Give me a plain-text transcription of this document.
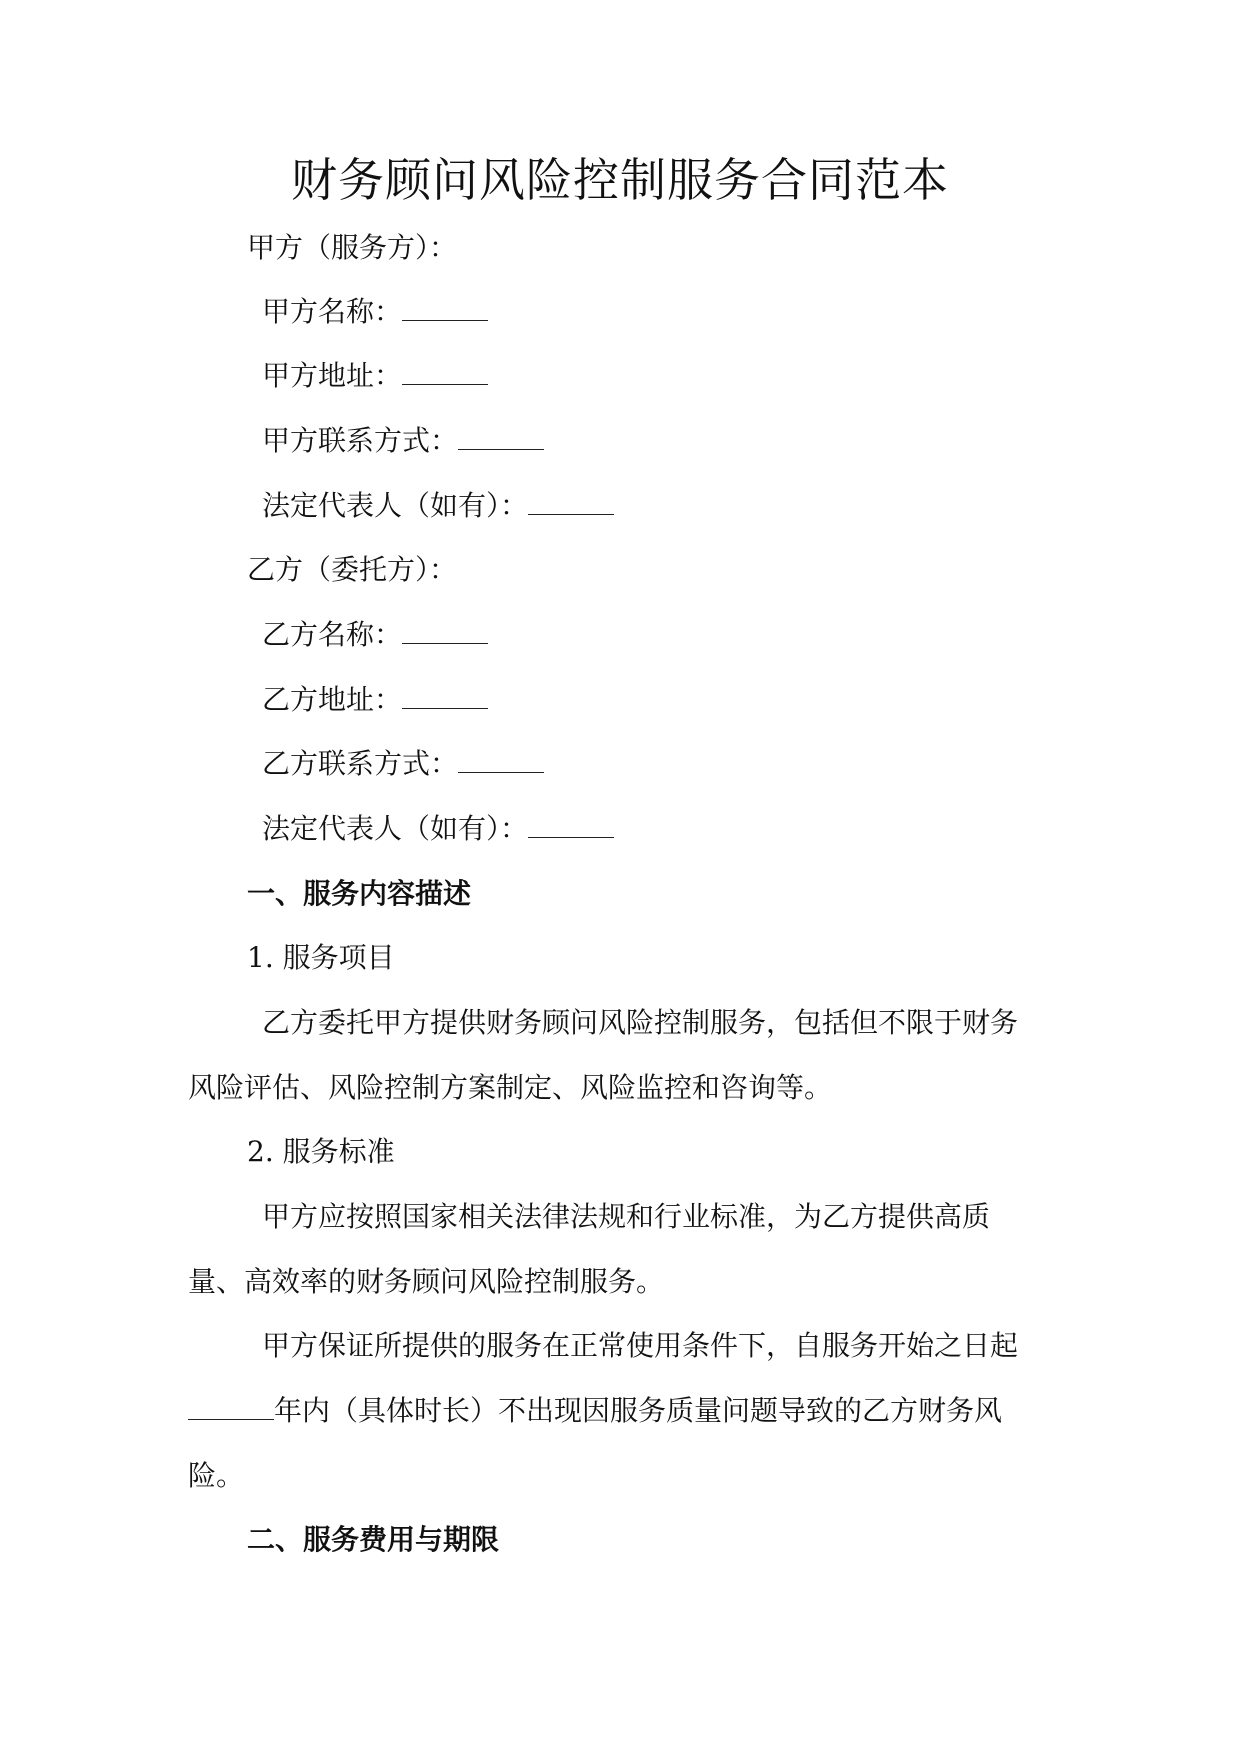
财务顾问风险控制服务合同范本
甲方（服务方）：
甲方名称：
甲方地址：
甲方联系方式：
法定代表人（如有）：
乙方（委托方）：
乙方名称：
乙方地址：
乙方联系方式：
法定代表人（如有）：
一、服务内容描述
1. 服务项目
乙方委托甲方提供财务顾问风险控制服务，包括但不限于财务
风险评估、风险控制方案制定、风险监控和咨询等。
2. 服务标准
甲方应按照国家相关法律法规和行业标准，为乙方提供高质
量、高效率的财务顾问风险控制服务。
甲方保证所提供的服务在正常使用条件下，自服务开始之日起
年内（具体时长）不出现因服务质量问题导致的乙方财务风
险。
二、服务费用与期限
